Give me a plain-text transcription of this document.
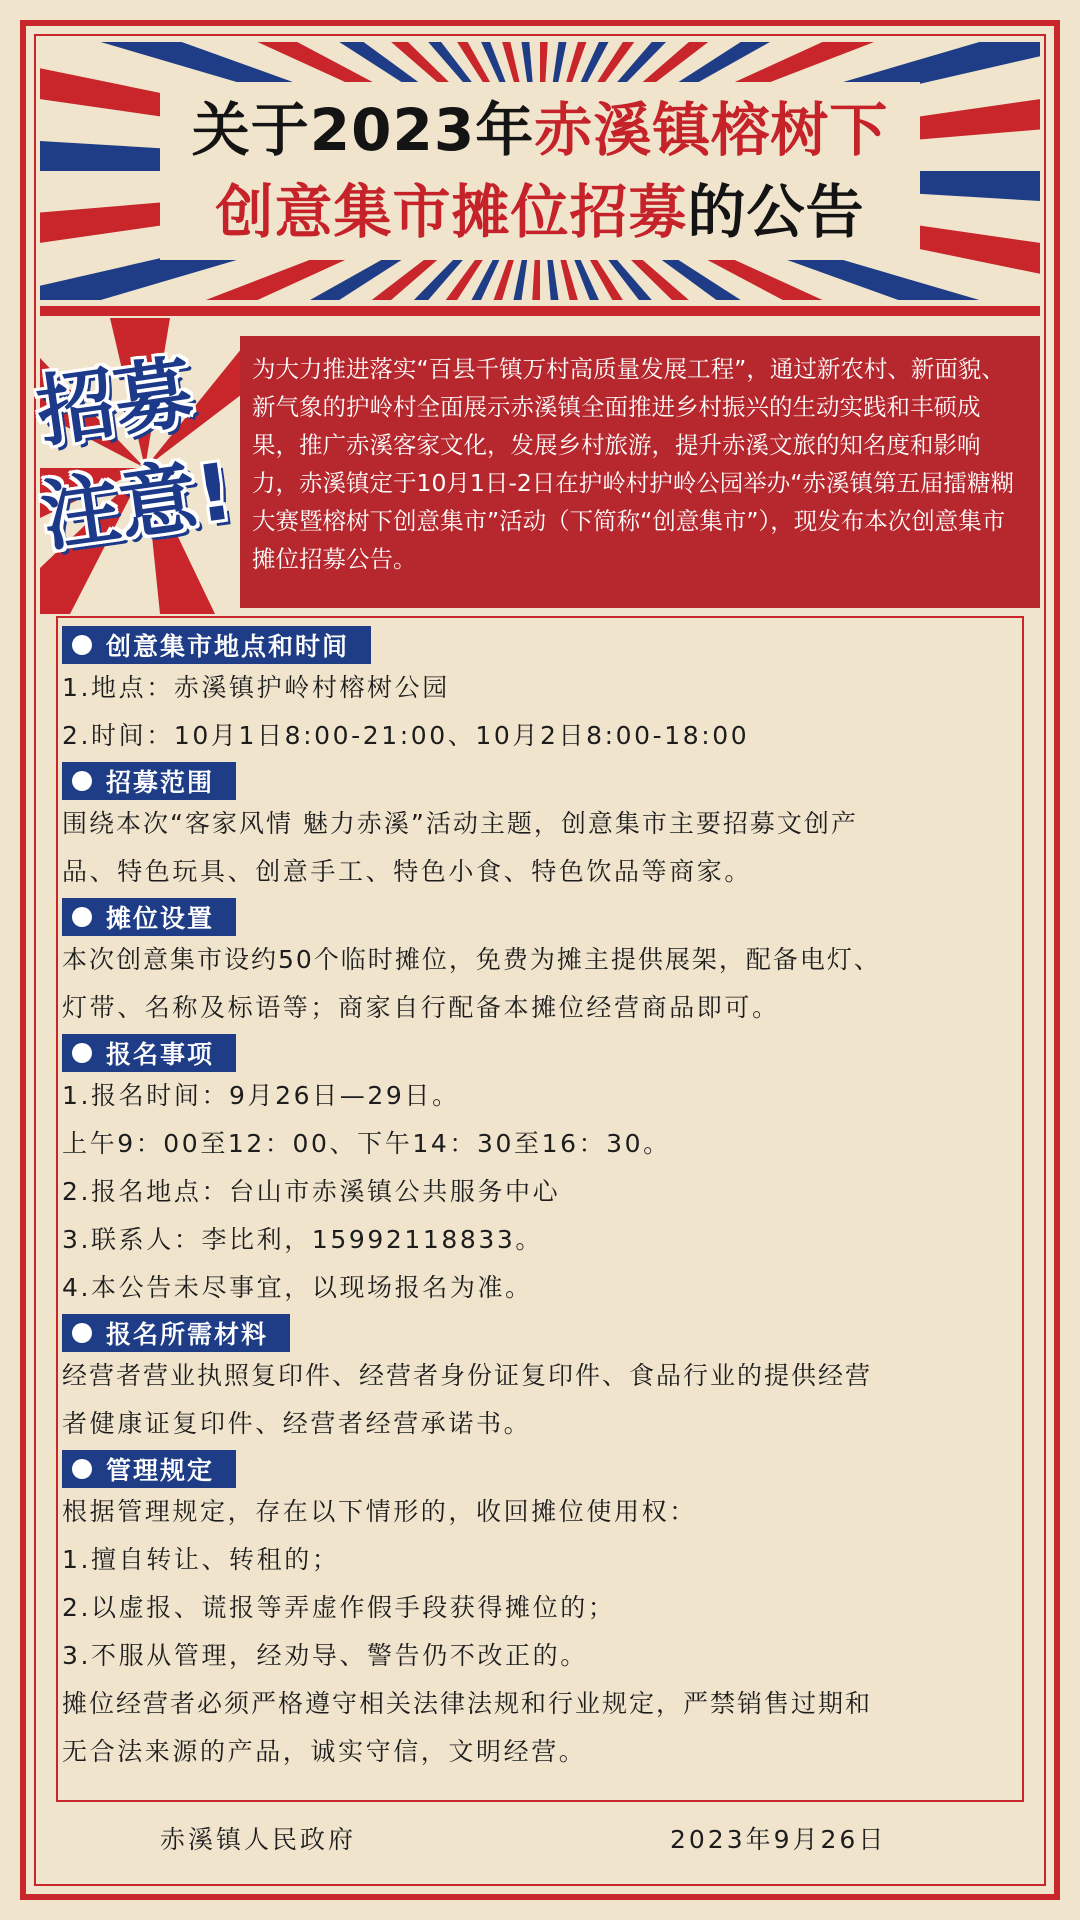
关于2023年赤溪镇榕树下
创意集市摊位招募的公告
为大力推进落实“百县千镇万村高质量发展工程”，通过新农村、新面貌、新气象的护岭村全面展示赤溪镇全面推进乡村振兴的生动实践和丰硕成果，推广赤溪客家文化，发展乡村旅游，提升赤溪文旅的知名度和影响力，赤溪镇定于10月1日-2日在护岭村护岭公园举办“赤溪镇第五届擂糖糊大赛暨榕树下创意集市”活动（下简称“创意集市”），现发布本次创意集市摊位招募公告。
招募
注意!
创意集市地点和时间
1.地点：赤溪镇护岭村榕树公园
2.时间：10月1日8:00-21:00、10月2日8:00-18:00
招募范围
围绕本次“客家风情 魅力赤溪”活动主题，创意集市主要招募文创产
品、特色玩具、创意手工、特色小食、特色饮品等商家。
摊位设置
本次创意集市设约50个临时摊位，免费为摊主提供展架，配备电灯、
灯带、名称及标语等；商家自行配备本摊位经营商品即可。
报名事项
1.报名时间：9月26日—29日。
上午9：00至12：00、下午14：30至16：30。
2.报名地点：台山市赤溪镇公共服务中心
3.联系人：李比利，15992118833。
4.本公告未尽事宜，以现场报名为准。
报名所需材料
经营者营业执照复印件、经营者身份证复印件、食品行业的提供经营
者健康证复印件、经营者经营承诺书。
管理规定
根据管理规定，存在以下情形的，收回摊位使用权：
1.擅自转让、转租的；
2.以虚报、谎报等弄虚作假手段获得摊位的；
3.不服从管理，经劝导、警告仍不改正的。
摊位经营者必须严格遵守相关法律法规和行业规定，严禁销售过期和
无合法来源的产品，诚实守信，文明经营。
赤溪镇人民政府	2023年9月26日
